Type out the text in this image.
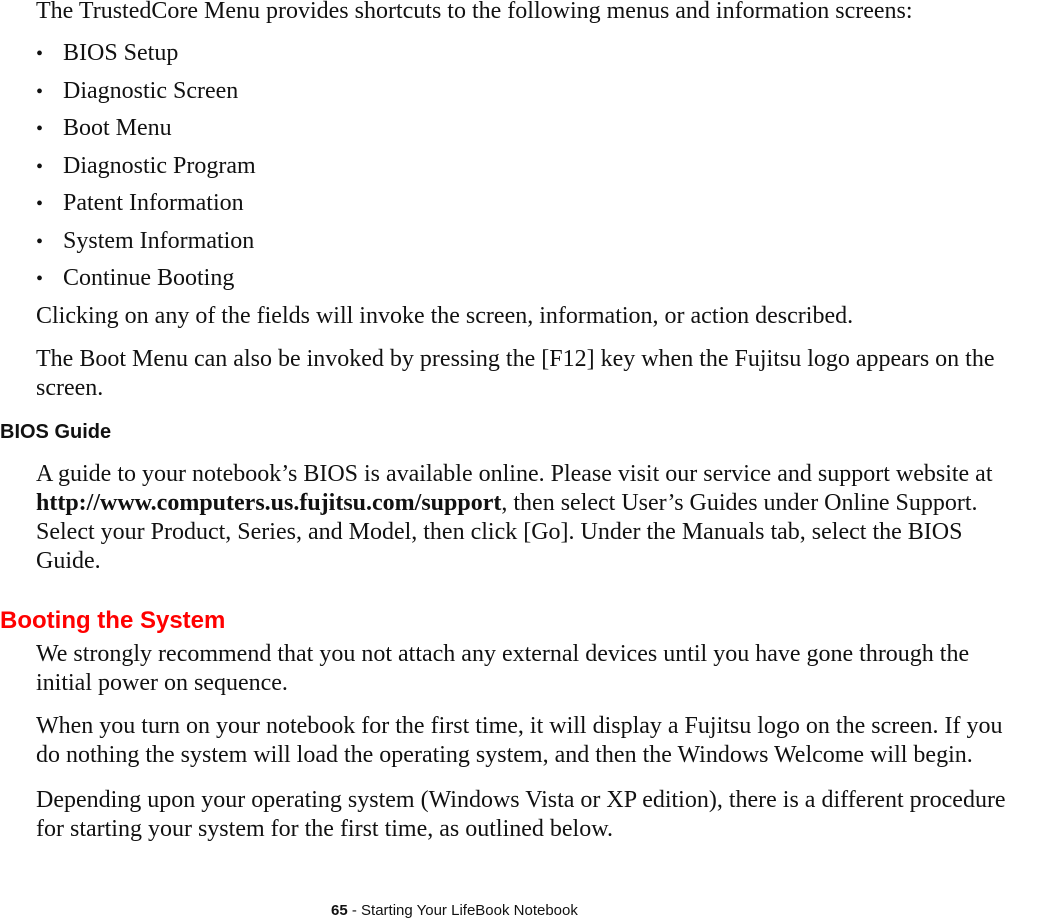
The TrustedCore Menu provides shortcuts to the following menus and information screens:
• BIOS Setup
• Diagnostic Screen
• Boot Menu
• Diagnostic Program
• Patent Information
• System Information
• Continue Booting
Clicking on any of the fields will invoke the screen, information, or action described.
The Boot Menu can also be invoked by pressing the [F12] key when the Fujitsu logo appears on the
screen.
BIOS Guide
A guide to your notebook’s BIOS is available online. Please visit our service and support website at
http://www.computers.us.fujitsu.com/support, then select User’s Guides under Online Support.
Select your Product, Series, and Model, then click [Go]. Under the Manuals tab, select the BIOS
Guide.
Booting the System
We strongly recommend that you not attach any external devices until you have gone through the
initial power on sequence.
When you turn on your notebook for the first time, it will display a Fujitsu logo on the screen. If you
do nothing the system will load the operating system, and then the Windows Welcome will begin.
Depending upon your operating system (Windows Vista or XP edition), there is a different procedure
for starting your system for the first time, as outlined below.
65 - Starting Your LifeBook Notebook
